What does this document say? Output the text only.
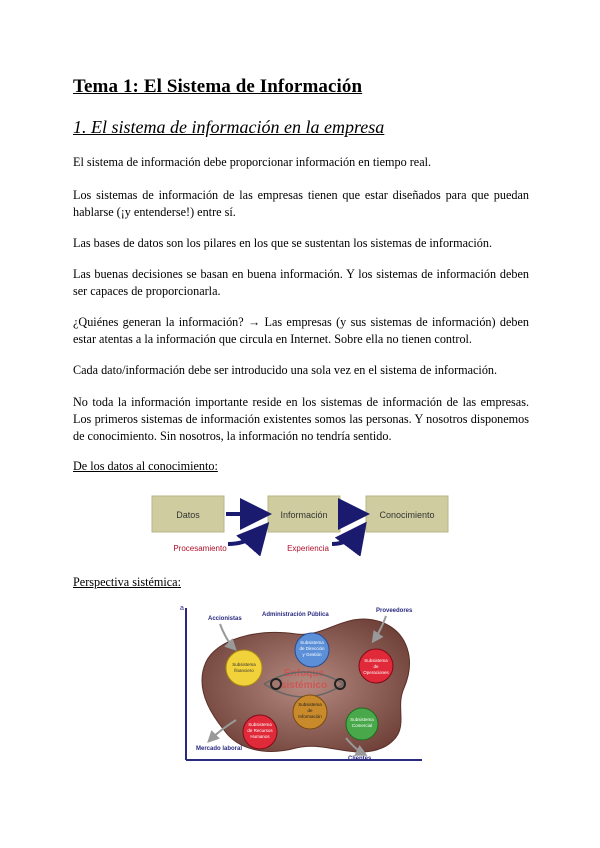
Tema 1: El Sistema de Información
1. El sistema de información en la empresa
El sistema de información debe proporcionar información en tiempo real.
Los sistemas de información de las empresas tienen que estar diseñados para que puedan hablarse (¡y entenderse!) entre sí.
Las bases de datos son los pilares en los que se sustentan los sistemas de información.
Las buenas decisiones se basan en buena información. Y los sistemas de información deben ser capaces de proporcionarla.
¿Quiénes generan la información? → Las empresas (y sus sistemas de información) deben estar atentas a la información que circula en Internet. Sobre ella no tienen control.
Cada dato/información debe ser introducido una sola vez en el sistema de información.
No toda la información importante reside en los sistemas de información de las empresas. Los primeros sistemas de información existentes somos las personas. Y nosotros disponemos de conocimiento. Sin nosotros, la información no tendría sentido.
De los datos al conocimiento:
Datos	Información	Conocimiento
Procesamiento	Experiencia
Perspectiva sistémica:
a
Accionistas
Administración Pública
Proveedores
Mercado laboral
Clientes
Enfoque
sistémico
Subsistema
financiero
Subsistema
de Dirección
y Gestión
Subsistema
de
Operaciones
Subsistema
de
Información
Subsistema
de Recursos
Humanos
Subsistema
Comercial
